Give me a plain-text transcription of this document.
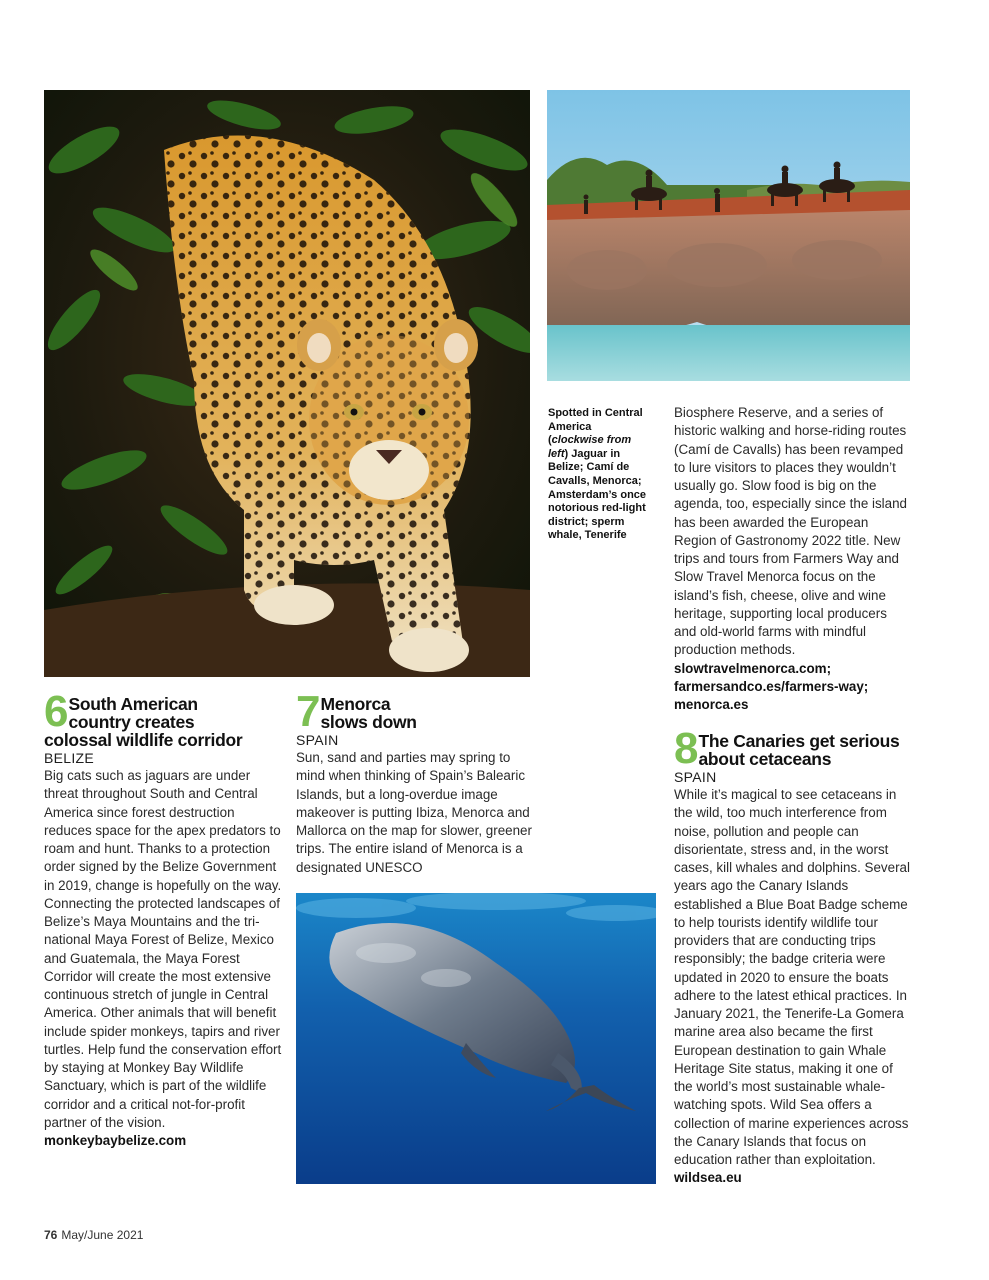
Spotted in Central America
(clockwise from left) Jaguar in Belize; Camí de Cavalls, Menorca; Amsterdam’s once notorious red-light district; sperm whale, Tenerife
6 South American
country creates
colossal wildlife corridor
BELIZE

Big cats such as jaguars are under threat throughout South and Central America since forest destruction reduces space for the apex predators to roam and hunt. Thanks to a protection order signed by the Belize Government in 2019, change is hopefully on the way. Connecting the protected landscapes of Belize’s Maya Mountains and the tri-national Maya Forest of Belize, Mexico and Guatemala, the Maya Forest Corridor will create the most extensive continuous stretch of jungle in Central America. Other animals that will benefit include spider monkeys, tapirs and river turtles. Help fund the conservation effort by staying at Monkey Bay Wildlife Sanctuary, which is part of the wildlife corridor and a critical not-for-profit partner of the vision.

monkeybaybelize.com
7 Menorca
slows down
SPAIN

Sun, sand and parties may spring to mind when thinking of Spain’s Balearic Islands, but a long-overdue image makeover is putting Ibiza, Menorca and Mallorca on the map for slower, greener trips. The entire island of Menorca is a designated UNESCO

Biosphere Reserve, and a series of historic walking and horse-riding routes (Camí de Cavalls) has been revamped to lure visitors to places they wouldn’t usually go. Slow food is big on the agenda, too, especially since the island has been awarded the European Region of Gastronomy 2022 title. New trips and tours from Farmers Way and Slow Travel Menorca focus on the island’s fish, cheese, olive and wine heritage, supporting local producers and old-world farms with mindful production methods.

slowtravelmenorca.com;
farmersandco.es/farmers-way;
menorca.es
8 The Canaries get serious
about cetaceans
SPAIN

While it’s magical to see cetaceans in the wild, too much interference from noise, pollution and people can disorientate, stress and, in the worst cases, kill whales and dolphins. Several years ago the Canary Islands established a Blue Boat Badge scheme to help tourists identify wildlife tour providers that are conducting trips responsibly; the badge criteria were updated in 2020 to ensure the boats adhere to the latest ethical practices. In January 2021, the Tenerife-La Gomera marine area also became the first European destination to gain Whale Heritage Site status, making it one of the world’s most sustainable whale-watching spots. Wild Sea offers a collection of marine experiences across the Canary Islands that focus on education rather than exploitation.

wildsea.eu
76 May/June 2021
